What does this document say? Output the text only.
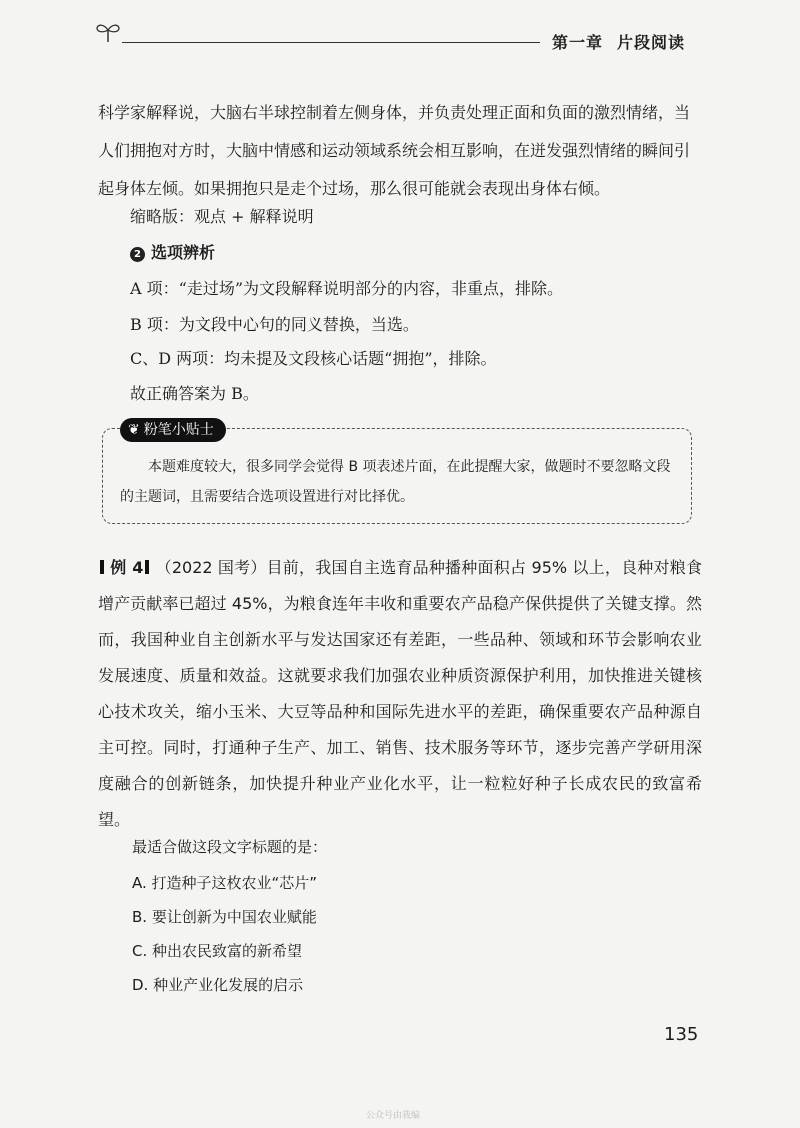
第一章 片段阅读

科学家解释说，大脑右半球控制着左侧身体，并负责处理正面和负面的激烈情绪，当人们拥抱对方时，大脑中情感和运动领域系统会相互影响，在迸发强烈情绪的瞬间引起身体左倾。如果拥抱只是走个过场，那么很可能就会表现出身体右倾。

缩略版：观点 + 解释说明

2 选项辨析

A 项：“走过场”为文段解释说明部分的内容，非重点，排除。

B 项：为文段中心句的同义替换，当选。

C、D 两项：均未提及文段核心话题“拥抱”，排除。

故正确答案为 B。

❦ 粉笔小贴士

本题难度较大，很多同学会觉得 B 项表述片面，在此提醒大家，做题时不要忽略文段的主题词，且需要结合选项设置进行对比择优。

例 4 （2022 国考）目前，我国自主选育品种播种面积占 95% 以上，良种对粮食增产贡献率已超过 45%，为粮食连年丰收和重要农产品稳产保供提供了关键支撑。然而，我国种业自主创新水平与发达国家还有差距，一些品种、领域和环节会影响农业发展速度、质量和效益。这就要求我们加强农业种质资源保护利用，加快推进关键核心技术攻关，缩小玉米、大豆等品种和国际先进水平的差距，确保重要农产品种源自主可控。同时，打通种子生产、加工、销售、技术服务等环节，逐步完善产学研用深度融合的创新链条，加快提升种业产业化水平，让一粒粒好种子长成农民的致富希望。

最适合做这段文字标题的是：

A. 打造种子这枚农业“芯片”

B. 要让创新为中国农业赋能

C. 种出农民致富的新希望

D. 种业产业化发展的启示

135
公众号由我编
